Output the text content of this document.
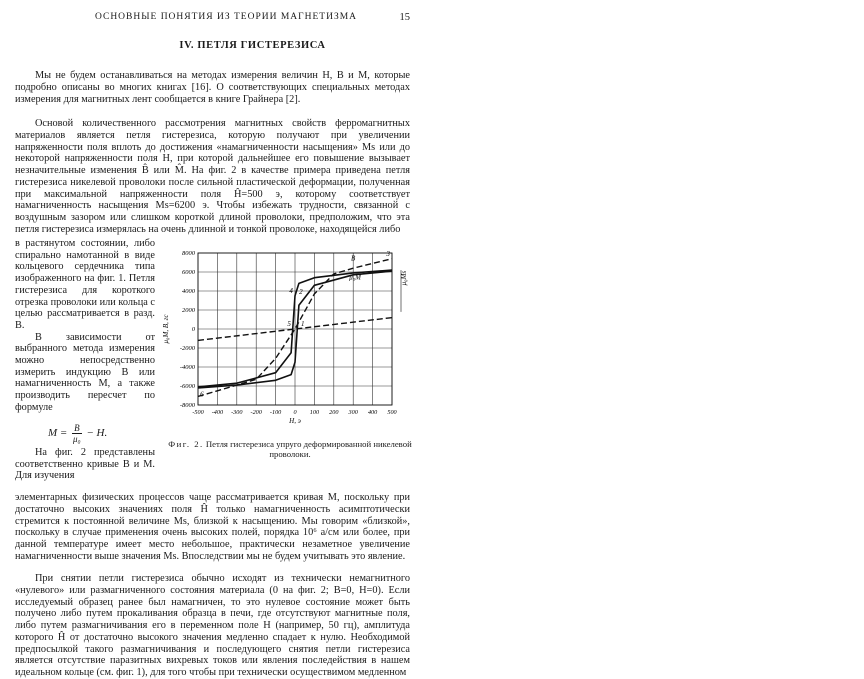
ОСНОВНЫЕ ПОНЯТИЯ ИЗ ТЕОРИИ МАГНЕТИЗМА	15
IV. ПЕТЛЯ ГИСТЕРЕЗИСА

Мы не будем останавливаться на методах измерения величин H, B и M, которые подробно описаны во многих книгах [16]. О соответствующих специальных методах измерения для магнитных лент сообщается в книге Грайнера [2].

Основой количественного рассмотрения магнитных свойств ферромагнитных материалов является петля гистерезиса, которую получают при увеличении напряженности поля вплоть до достижения «намагниченности насыщения» Ms или до некоторой напряженности поля H, при которой дальнейшее его повышение вызывает незначительные изменения B̂ или M̂. На фиг. 2 в качестве примера приведена петля гистерезиса никелевой проволоки после сильной пластической деформации, полученная при максимальной напряженности поля Ĥ=500 э, которому соответствует намагниченность насыщения Ms=6200 э. Чтобы избежать трудности, связанной с воздушным зазором или слишком короткой длиной проволоки, предположим, что эта петля гистерезиса измерялась на очень длинной и тонкой проволоке, находящейся либо

в растянутом состоянии, либо спирально намотанной в виде кольцевого сердечника типа изображенного на фиг. 1. Петля гистерезиса для короткого отрезка проволоки или кольца с целью рассматривается в разд. В.

В зависимости от выбранного метода измерения можно непосредственно измерить индукцию B или намагниченность M, а также производить пересчет по формуле

$M = \frac{B}{\text{μ₀}} - H$.
На фиг. 2 представлены соответственно кривые B и M. Для изучения
-500 -400 -300 -200 -100 0 100 200 300 400 500
-8000
-6000
-4000
-2000
0
2000
4000
6000
8000
B
μ₀M
1
2
3
4
5
6
H, э
μ₀M, B, гс
μ₀Ms
Фиг. 2. Петля гистерезиса упруго деформированной никелевой проволоки.

элементарных физических процессов чаще рассматривается кривая M, поскольку при достаточно высоких значениях поля Ĥ только намагниченность асимптотически стремится к постоянной величине Ms, близкой к насыщению. Мы говорим «близкой», поскольку в случае применения очень высоких полей, порядка 10⁶ а/см или более, при данной температуре имеет место небольшое, практически незаметное увеличение намагниченности выше значения Ms. Впоследствии мы не будем учитывать это явление.

При снятии петли гистерезиса обычно исходят из технически немагнитного «нулевого» или размагниченного состояния материала (0 на фиг. 2; B=0, H=0). Если исследуемый образец ранее был намагничен, то это нулевое состояние может быть получено либо путем прокаливания образца в печи, где отсутствуют магнитные поля, либо путем размагничивания его в переменном поле H (например, 50 гц), амплитуда которого Ĥ от достаточно высокого значения медленно спадает к нулю. Необходимой предпосылкой такого размагничивания и последующего снятия петли гистерезиса является отсутствие паразитных вихревых токов или явления последействия в нашем идеальном кольце (см. фиг. 1), для того чтобы при технически осуществимом медленном
